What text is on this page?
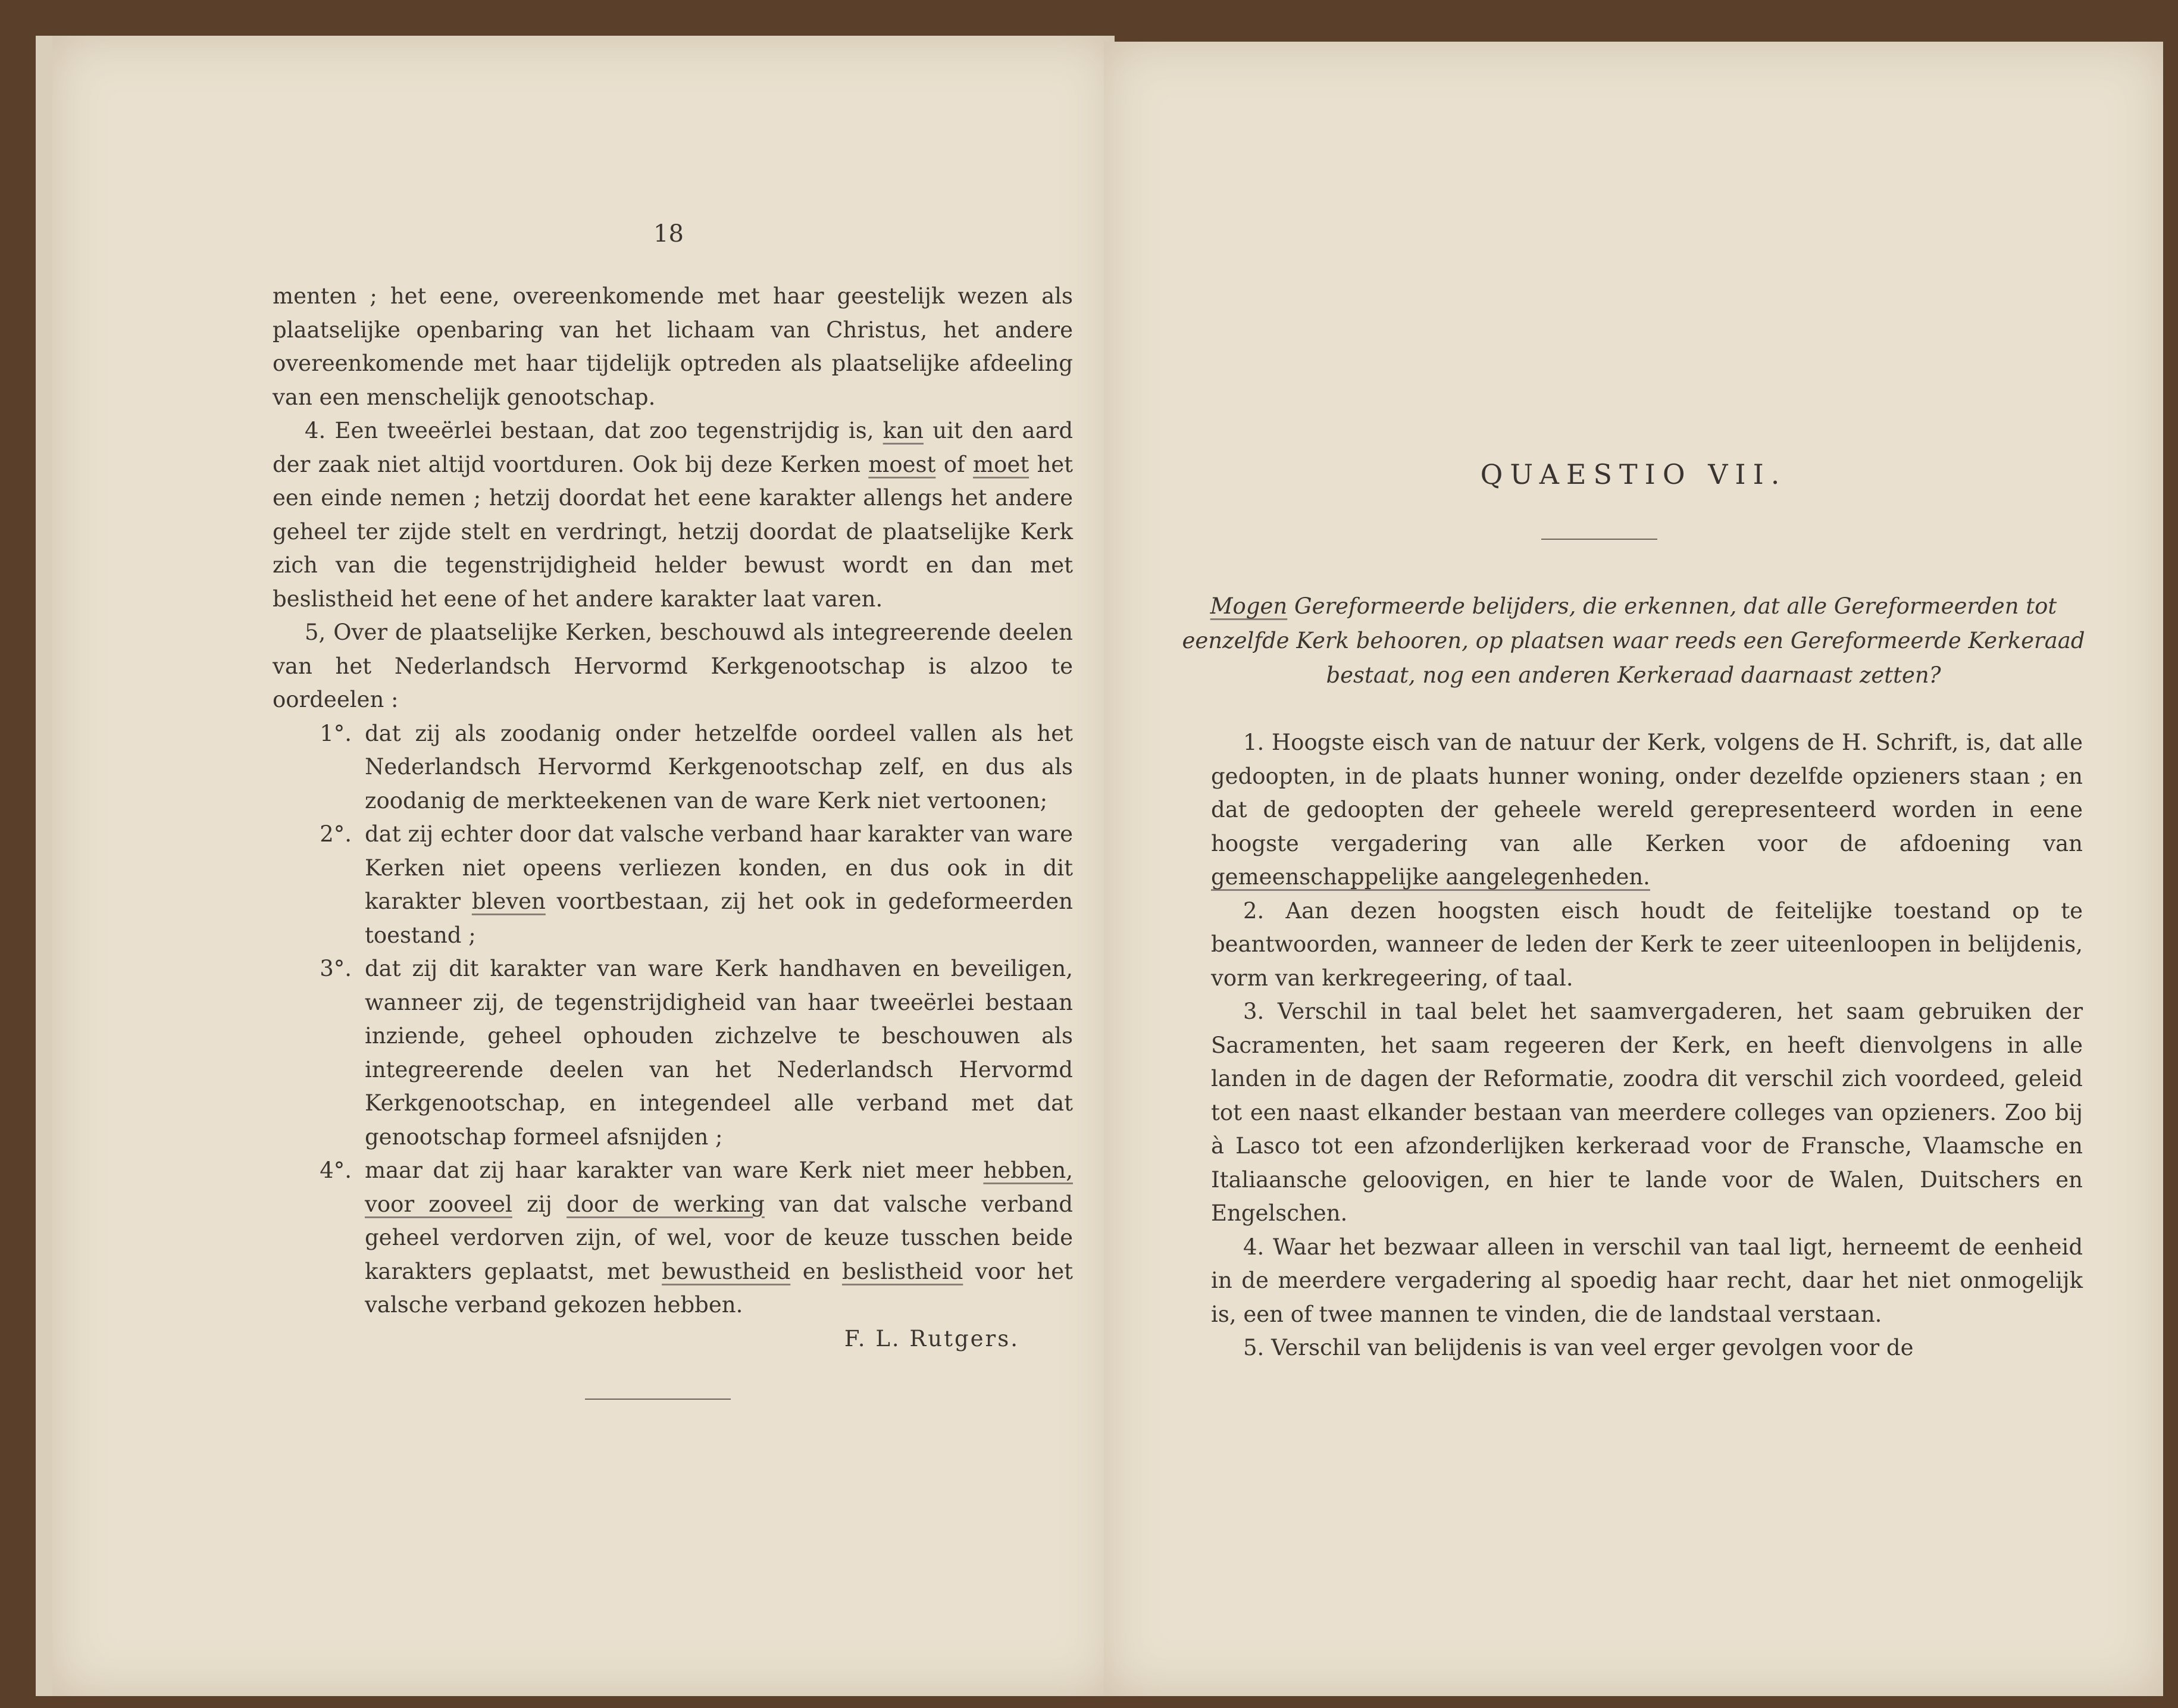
18

menten ; het eene, overeenkomende met haar geestelijk wezen als plaatselijke openbaring van het lichaam van Christus, het andere overeenkomende met haar tijdelijk optreden als plaatselijke afdeeling van een menschelijk genootschap.

4. Een tweeërlei bestaan, dat zoo tegenstrijdig is, kan uit den aard der zaak niet altijd voortduren. Ook bij deze Kerken moest of moet het een einde nemen ; hetzij doordat het eene karakter allengs het andere geheel ter zijde stelt en verdringt, hetzij doordat de plaatselijke Kerk zich van die tegenstrijdigheid helder bewust wordt en dan met beslistheid het eene of het andere karakter laat varen.

5, Over de plaatselijke Kerken, beschouwd als integreerende deelen van het Nederlandsch Hervormd Kerkgenootschap is alzoo te oordeelen :

1°. dat zij als zoodanig onder hetzelfde oordeel vallen als het Nederlandsch Hervormd Kerkgenootschap zelf, en dus als zoodanig de merkteekenen van de ware Kerk niet vertoonen;
2°. dat zij echter door dat valsche verband haar karakter van ware Kerken niet opeens verliezen konden, en dus ook in dit karakter bleven voortbestaan, zij het ook in gedeformeerden toestand ;
3°. dat zij dit karakter van ware Kerk handhaven en beveiligen, wanneer zij, de tegenstrijdigheid van haar tweeërlei bestaan inziende, geheel ophouden zichzelve te beschouwen als integreerende deelen van het Nederlandsch Hervormd Kerkgenootschap, en integendeel alle verband met dat genootschap formeel afsnijden ;
4°. maar dat zij haar karakter van ware Kerk niet meer hebben, voor zooveel zij door de werking van dat valsche verband geheel verdorven zijn, of wel, voor de keuze tusschen beide karakters geplaatst, met bewustheid en beslistheid voor het valsche verband gekozen hebben.

F. L. Rutgers.

QUAESTIO VII.
Mogen Gereformeerde belijders, die erkennen, dat alle Gereformeerden tot eenzelfde Kerk behooren, op plaatsen waar reeds een Gereformeerde Kerkeraad bestaat, nog een anderen Kerkeraad daarnaast zetten?

1. Hoogste eisch van de natuur der Kerk, volgens de H. Schrift, is, dat alle gedoopten, in de plaats hunner woning, onder dezelfde opzieners staan ; en dat de gedoopten der geheele wereld gerepresenteerd worden in eene hoogste vergadering van alle Kerken voor de afdoening van gemeenschappelijke aangelegenheden.

2. Aan dezen hoogsten eisch houdt de feitelijke toestand op te beantwoorden, wanneer de leden der Kerk te zeer uiteenloopen in belijdenis, vorm van kerkregeering, of taal.

3. Verschil in taal belet het saamvergaderen, het saam gebruiken der Sacramenten, het saam regeeren der Kerk, en heeft dienvolgens in alle landen in de dagen der Reformatie, zoodra dit verschil zich voordeed, geleid tot een naast elkander bestaan van meerdere colleges van opzieners. Zoo bij à Lasco tot een afzonderlijken kerkeraad voor de Fransche, Vlaamsche en Italiaansche geloovigen, en hier te lande voor de Walen, Duitschers en Engelschen.

4. Waar het bezwaar alleen in verschil van taal ligt, herneemt de eenheid in de meerdere vergadering al spoedig haar recht, daar het niet onmogelijk is, een of twee mannen te vinden, die de landstaal verstaan.

5. Verschil van belijdenis is van veel erger gevolgen voor de
